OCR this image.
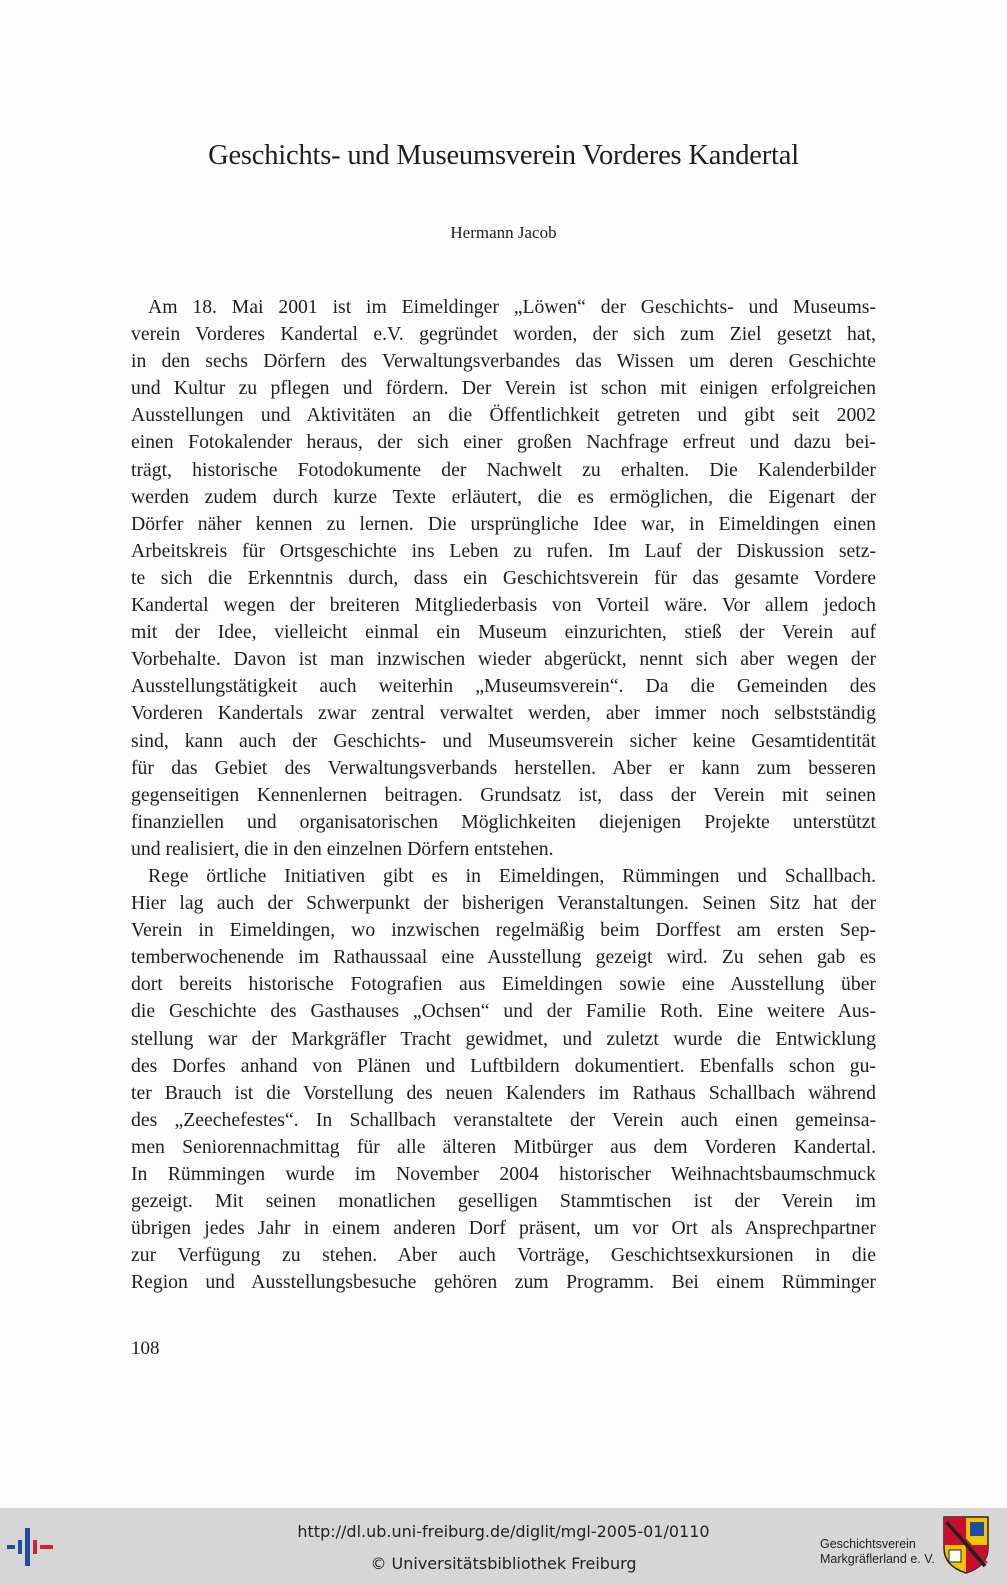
Geschichts- und Museumsverein Vorderes Kandertal

Hermann Jacob

Am 18. Mai 2001 ist im Eimeldinger „Löwen“ der Geschichts- und Museums-
verein Vorderes Kandertal e.V. gegründet worden, der sich zum Ziel gesetzt hat,
in den sechs Dörfern des Verwaltungsverbandes das Wissen um deren Geschichte
und Kultur zu pflegen und fördern. Der Verein ist schon mit einigen erfolgreichen
Ausstellungen und Aktivitäten an die Öffentlichkeit getreten und gibt seit 2002
einen Fotokalender heraus, der sich einer großen Nachfrage erfreut und dazu bei-
trägt, historische Fotodokumente der Nachwelt zu erhalten. Die Kalenderbilder
werden zudem durch kurze Texte erläutert, die es ermöglichen, die Eigenart der
Dörfer näher kennen zu lernen. Die ursprüngliche Idee war, in Eimeldingen einen
Arbeitskreis für Ortsgeschichte ins Leben zu rufen. Im Lauf der Diskussion setz-
te sich die Erkenntnis durch, dass ein Geschichtsverein für das gesamte Vordere
Kandertal wegen der breiteren Mitgliederbasis von Vorteil wäre. Vor allem jedoch
mit der Idee, vielleicht einmal ein Museum einzurichten, stieß der Verein auf
Vorbehalte. Davon ist man inzwischen wieder abgerückt, nennt sich aber wegen der
Ausstellungstätigkeit auch weiterhin „Museumsverein“. Da die Gemeinden des
Vorderen Kandertals zwar zentral verwaltet werden, aber immer noch selbstständig
sind, kann auch der Geschichts- und Museumsverein sicher keine Gesamtidentität
für das Gebiet des Verwaltungsverbands herstellen. Aber er kann zum besseren
gegenseitigen Kennenlernen beitragen. Grundsatz ist, dass der Verein mit seinen
finanziellen und organisatorischen Möglichkeiten diejenigen Projekte unterstützt
und realisiert, die in den einzelnen Dörfern entstehen.
Rege örtliche Initiativen gibt es in Eimeldingen, Rümmingen und Schallbach.
Hier lag auch der Schwerpunkt der bisherigen Veranstaltungen. Seinen Sitz hat der
Verein in Eimeldingen, wo inzwischen regelmäßig beim Dorffest am ersten Sep-
temberwochenende im Rathaussaal eine Ausstellung gezeigt wird. Zu sehen gab es
dort bereits historische Fotografien aus Eimeldingen sowie eine Ausstellung über
die Geschichte des Gasthauses „Ochsen“ und der Familie Roth. Eine weitere Aus-
stellung war der Markgräfler Tracht gewidmet, und zuletzt wurde die Entwicklung
des Dorfes anhand von Plänen und Luftbildern dokumentiert. Ebenfalls schon gu-
ter Brauch ist die Vorstellung des neuen Kalenders im Rathaus Schallbach während
des „Zeechefestes“. In Schallbach veranstaltete der Verein auch einen gemeinsa-
men Seniorennachmittag für alle älteren Mitbürger aus dem Vorderen Kandertal.
In Rümmingen wurde im November 2004 historischer Weihnachtsbaumschmuck
gezeigt. Mit seinen monatlichen geselligen Stammtischen ist der Verein im
übrigen jedes Jahr in einem anderen Dorf präsent, um vor Ort als Ansprechpartner
zur Verfügung zu stehen. Aber auch Vorträge, Geschichtsexkursionen in die
Region und Ausstellungsbesuche gehören zum Programm. Bei einem Rümminger

108

http://dl.ub.uni-freiburg.de/diglit/mgl-2005-01/0110
© Universitätsbibliothek Freiburg
Geschichtsverein
Markgräflerland e. V.
